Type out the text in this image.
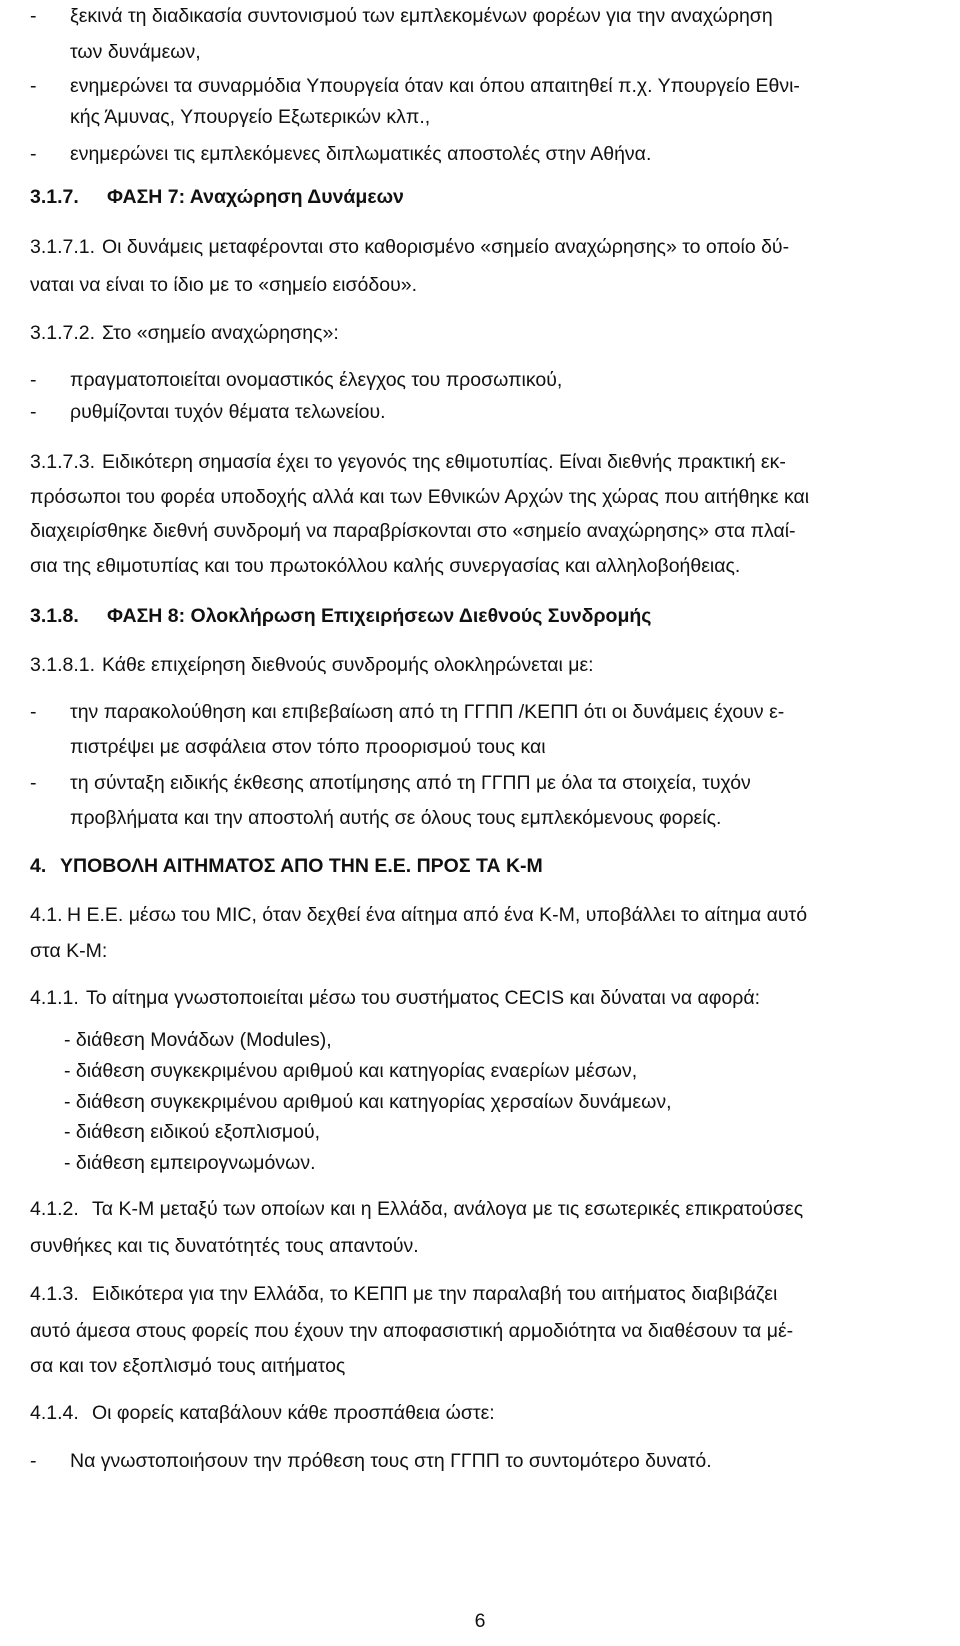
- ξεκινά τη διαδικασία συντονισμού των εμπλεκομένων φορέων για την αναχώρηση
των δυνάμεων,
- ενημερώνει τα συναρμόδια Υπουργεία όταν και όπου απαιτηθεί π.χ. Υπουργείο Εθνι-
κής Άμυνας, Υπουργείο Εξωτερικών κλπ.,
- ενημερώνει τις εμπλεκόμενες διπλωματικές αποστολές στην Αθήνα.
3.1.7. ΦΑΣΗ 7: Αναχώρηση Δυνάμεων
3.1.7.1. Οι δυνάμεις μεταφέρονται στο καθορισμένο «σημείο αναχώρησης» το οποίο δύ-
ναται να είναι το ίδιο με το «σημείο εισόδου».
3.1.7.2. Στο «σημείο αναχώρησης»:
- πραγματοποιείται ονομαστικός έλεγχος του προσωπικού,
- ρυθμίζονται τυχόν θέματα τελωνείου.
3.1.7.3. Ειδικότερη σημασία έχει το γεγονός της εθιμοτυπίας. Είναι διεθνής πρακτική εκ-
πρόσωποι του φορέα υποδοχής αλλά και των Εθνικών Αρχών της χώρας που αιτήθηκε και
διαχειρίσθηκε διεθνή συνδρομή να παραβρίσκονται στο «σημείο αναχώρησης» στα πλαί-
σια της εθιμοτυπίας και του πρωτοκόλλου καλής συνεργασίας και αλληλοβοήθειας.
3.1.8. ΦΑΣΗ 8: Ολοκλήρωση Επιχειρήσεων Διεθνούς Συνδρομής
3.1.8.1. Κάθε επιχείρηση διεθνούς συνδρομής ολοκληρώνεται με:
- την παρακολούθηση και επιβεβαίωση από τη ΓΓΠΠ /ΚΕΠΠ ότι οι δυνάμεις έχουν ε-
πιστρέψει με ασφάλεια στον τόπο προορισμού τους και
- τη σύνταξη ειδικής έκθεσης αποτίμησης από τη ΓΓΠΠ με όλα τα στοιχεία, τυχόν
προβλήματα και την αποστολή αυτής σε όλους τους εμπλεκόμενους φορείς.
4. ΥΠΟΒΟΛΗ ΑΙΤΗΜΑΤΟΣ ΑΠΟ ΤΗΝ Ε.Ε. ΠΡΟΣ ΤΑ Κ-Μ
4.1. Η Ε.Ε. μέσω του MIC, όταν δεχθεί ένα αίτημα από ένα Κ-Μ, υποβάλλει το αίτημα αυτό
στα Κ-Μ:
4.1.1. Το αίτημα γνωστοποιείται μέσω του συστήματος CECIS και δύναται να αφορά:
- διάθεση Μονάδων (Modules),
- διάθεση συγκεκριμένου αριθμού και κατηγορίας εναερίων μέσων,
- διάθεση συγκεκριμένου αριθμού και κατηγορίας χερσαίων δυνάμεων,
- διάθεση ειδικού εξοπλισμού,
- διάθεση εμπειρογνωμόνων.
4.1.2. Τα Κ-Μ μεταξύ των οποίων και η Ελλάδα, ανάλογα με τις εσωτερικές επικρατούσες
συνθήκες και τις δυνατότητές τους απαντούν.
4.1.3. Ειδικότερα για την Ελλάδα, το ΚΕΠΠ με την παραλαβή του αιτήματος διαβιβάζει
αυτό άμεσα στους φορείς που έχουν την αποφασιστική αρμοδιότητα να διαθέσουν τα μέ-
σα και τον εξοπλισμό τους αιτήματος
4.1.4. Οι φορείς καταβάλουν κάθε προσπάθεια ώστε:
- Να γνωστοποιήσουν την πρόθεση τους στη ΓΓΠΠ το συντομότερο δυνατό.
6
